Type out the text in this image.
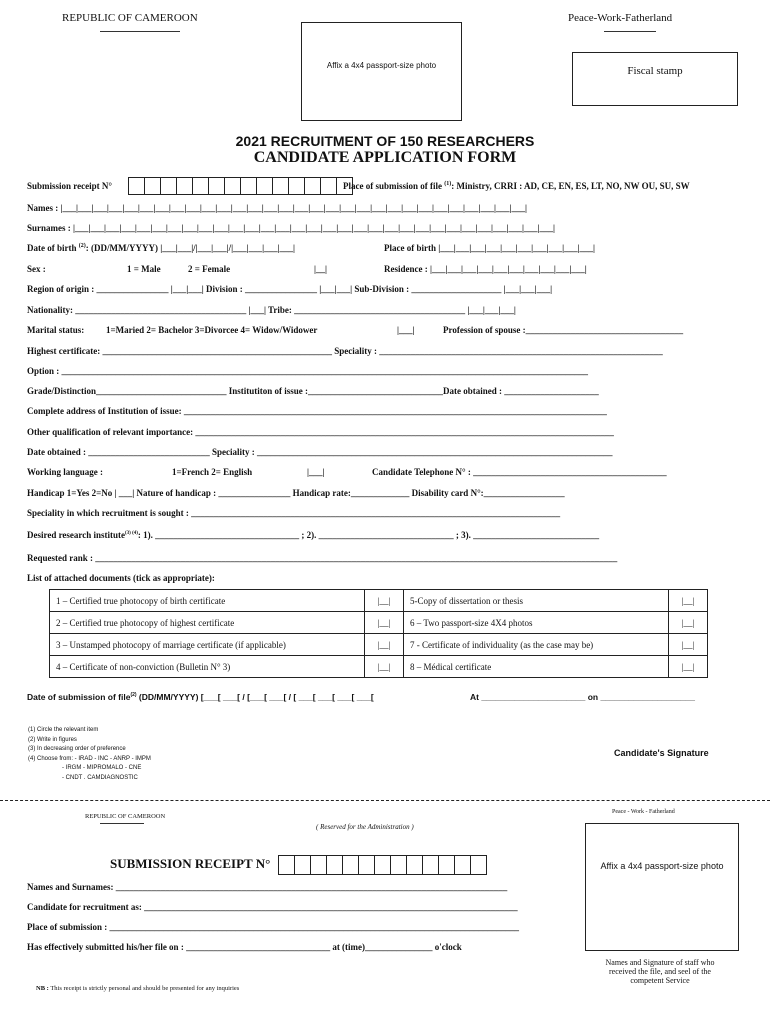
REPUBLIC OF CAMEROON	Peace-Work-Fatherland
Affix a 4x4 passport-size photo	Fiscal stamp
2021 RECRUITMENT OF 150 RESEARCHERS
CANDIDATE APPLICATION FORM
Submission receipt N°	Place of submission of file $^{(1)}$: Ministry, CRRI : AD, CE, EN, ES, LT, NO, NW OU, SU, SW
Names : |___|___|___|___|___|___|___|___|___|___|___|___|___|___|___|___|___|___|___|___|___|___|___|___|___|___|___|___|___|___|
Surnames : |___|___|___|___|___|___|___|___|___|___|___|___|___|___|___|___|___|___|___|___|___|___|___|___|___|___|___|___|___|___|___|
Date of birth $^{(2)}$: (DD/MM/YYYY) |___|___|/|___|___|/|___|___|___|___|	Place of birth |___|___|___|___|___|___|___|___|___|___|
Sex :	1 = Male	2 = Female	|__|	Residence : |___|___|___|___|___|___|___|___|___|___|
Region of origin : ________________ |___|___| Division : ________________ |___|___| Sub-Division : ____________________ |___|___|___|
Nationality: ______________________________________ |___| Tribe: ______________________________________ |___|___|___|
Marital status: 1=Maried 2= Bachelor 3=Divorcee 4= Widow/Widower	|___|	Profession of spouse :___________________________________
Highest certificate: ___________________________________________________ Speciality : _______________________________________________________________
Option : _____________________________________________________________________________________________________________________
Grade/Distinction_____________________________ Institutiton of issue :______________________________Date obtained : _____________________
Complete address of Institution of issue: ______________________________________________________________________________________________
Other qualification of relevant importance: _____________________________________________________________________________________________
Date obtained : ___________________________ Speciality : _______________________________________________________________________________
Working language :	1=French 2= English	|___|	Candidate Telephone N° : ___________________________________________
Handicap 1=Yes 2=No | ___| Nature of handicap : ________________ Handicap rate:_____________ Disability card N°:__________________
Speciality in which recruitment is sought : __________________________________________________________________________________
Desired research institute$^{(3) (4)}$: 1). ________________________________ ; 2). ______________________________ ; 3). ____________________________
Requested rank : ____________________________________________________________________________________________________________________
List of attached documents (tick as appropriate):
1 – Certified true photocopy of birth certificate	|__|	5-Copy of dissertation or thesis	|__|
2 – Certified true photocopy of highest certificate	|__|	6 – Two passport-size 4X4 photos	|__|
3 – Unstamped photocopy of marriage certificate (if applicable)	|__|	7 - Certificate of individuality (as the case may be)	|__|
4 – Certificate of non-conviction (Bulletin N° 3)	|__|	8 – Médical certificate	|__|
Date of submission of file$^{(2)}$ (DD/MM/YYYY) [___[ ___[ / [___[ ___[ / [ ___[ ___[ ___[ ___[	At ______________________ on ____________________
(1) Circle the relevant item
(2) Write in figures
(3) In decreasing order of preference
(4) Choose from: - IRAD - INC - ANRP - IMPM
- IRGM - MIPROMALO - CNE
- CNDT . CAMDIAGNOSTIC
Candidate's Signature
REPUBLIC OF CAMEROON
Peace - Work - Fatherland
( Reserved for the Administration )
Affix a 4x4 passport-size photo
SUBMISSION RECEIPT N°
Names and Surnames: _______________________________________________________________________________________
Candidate for recruitment as: ___________________________________________________________________________________
Place of submission : ___________________________________________________________________________________________
Has effectively submitted his/her file on : ________________________________ at (time)_______________ o'clock
Names and Signature of staff who
received the file, and seel of the
competent Service
NB : This receipt is strictly personal and should be presented for any inquiries
